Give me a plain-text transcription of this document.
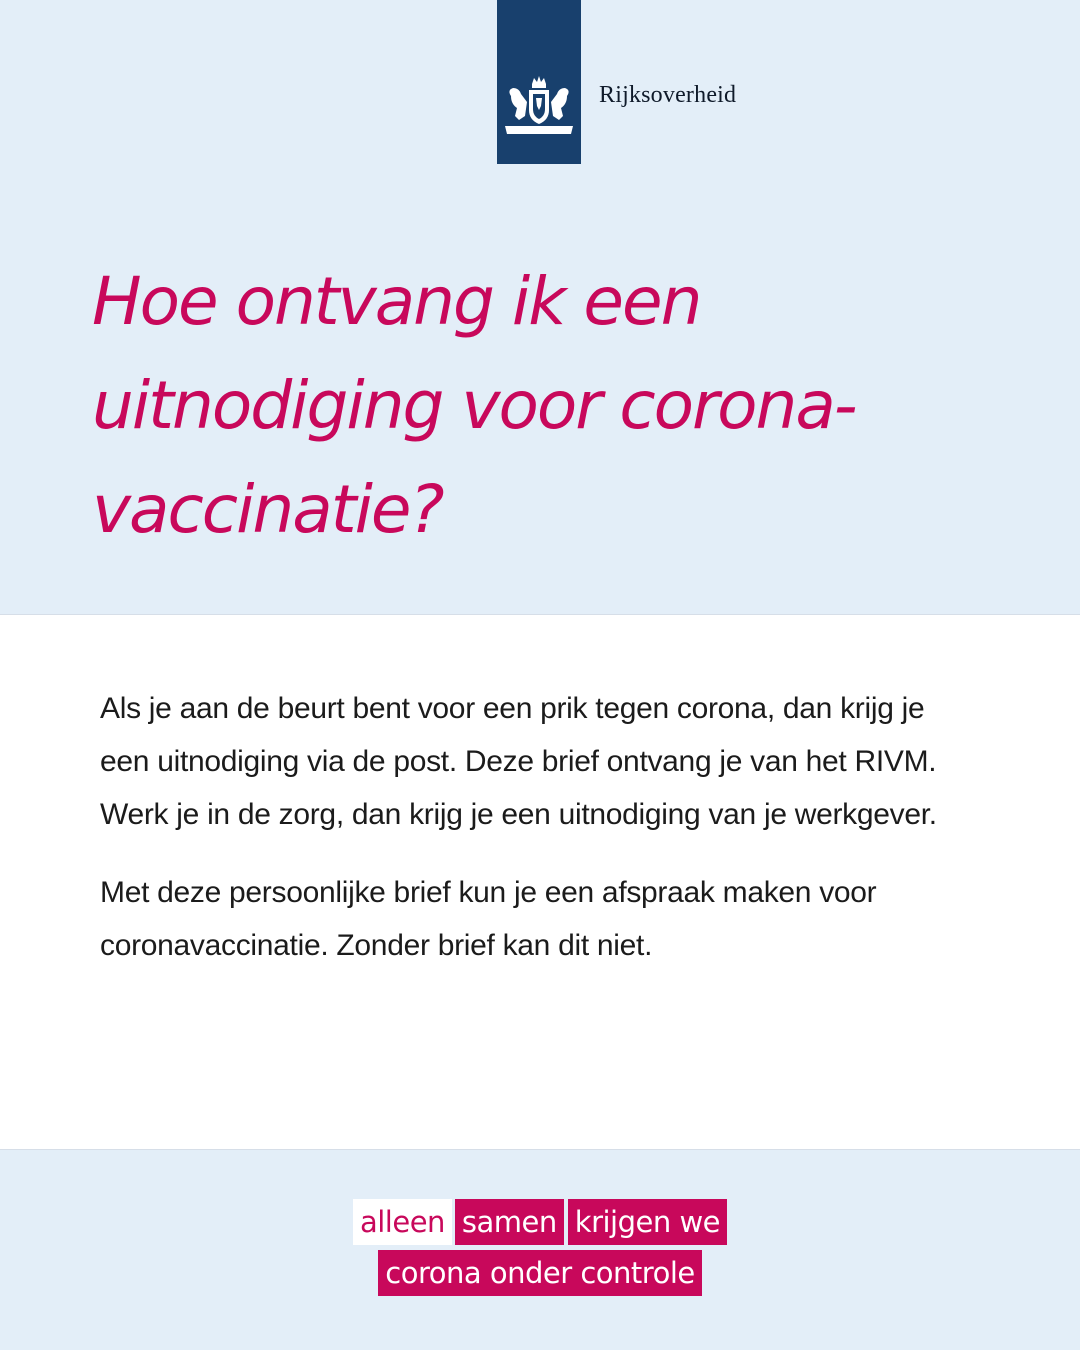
Rijksoverheid
Hoe ontvang ik een
uitnodiging voor corona-
vaccinatie?

Als je aan de beurt bent voor een prik tegen corona, dan krijg je een uitnodiging via de post. Deze brief ontvang je van het RIVM. Werk je in de zorg, dan krijg je een uitnodiging van je werkgever.

Met deze persoonlijke brief kun je een afspraak maken voor coronavaccinatie. Zonder brief kan dit niet.

alleen samen krijgen we
corona onder controle
